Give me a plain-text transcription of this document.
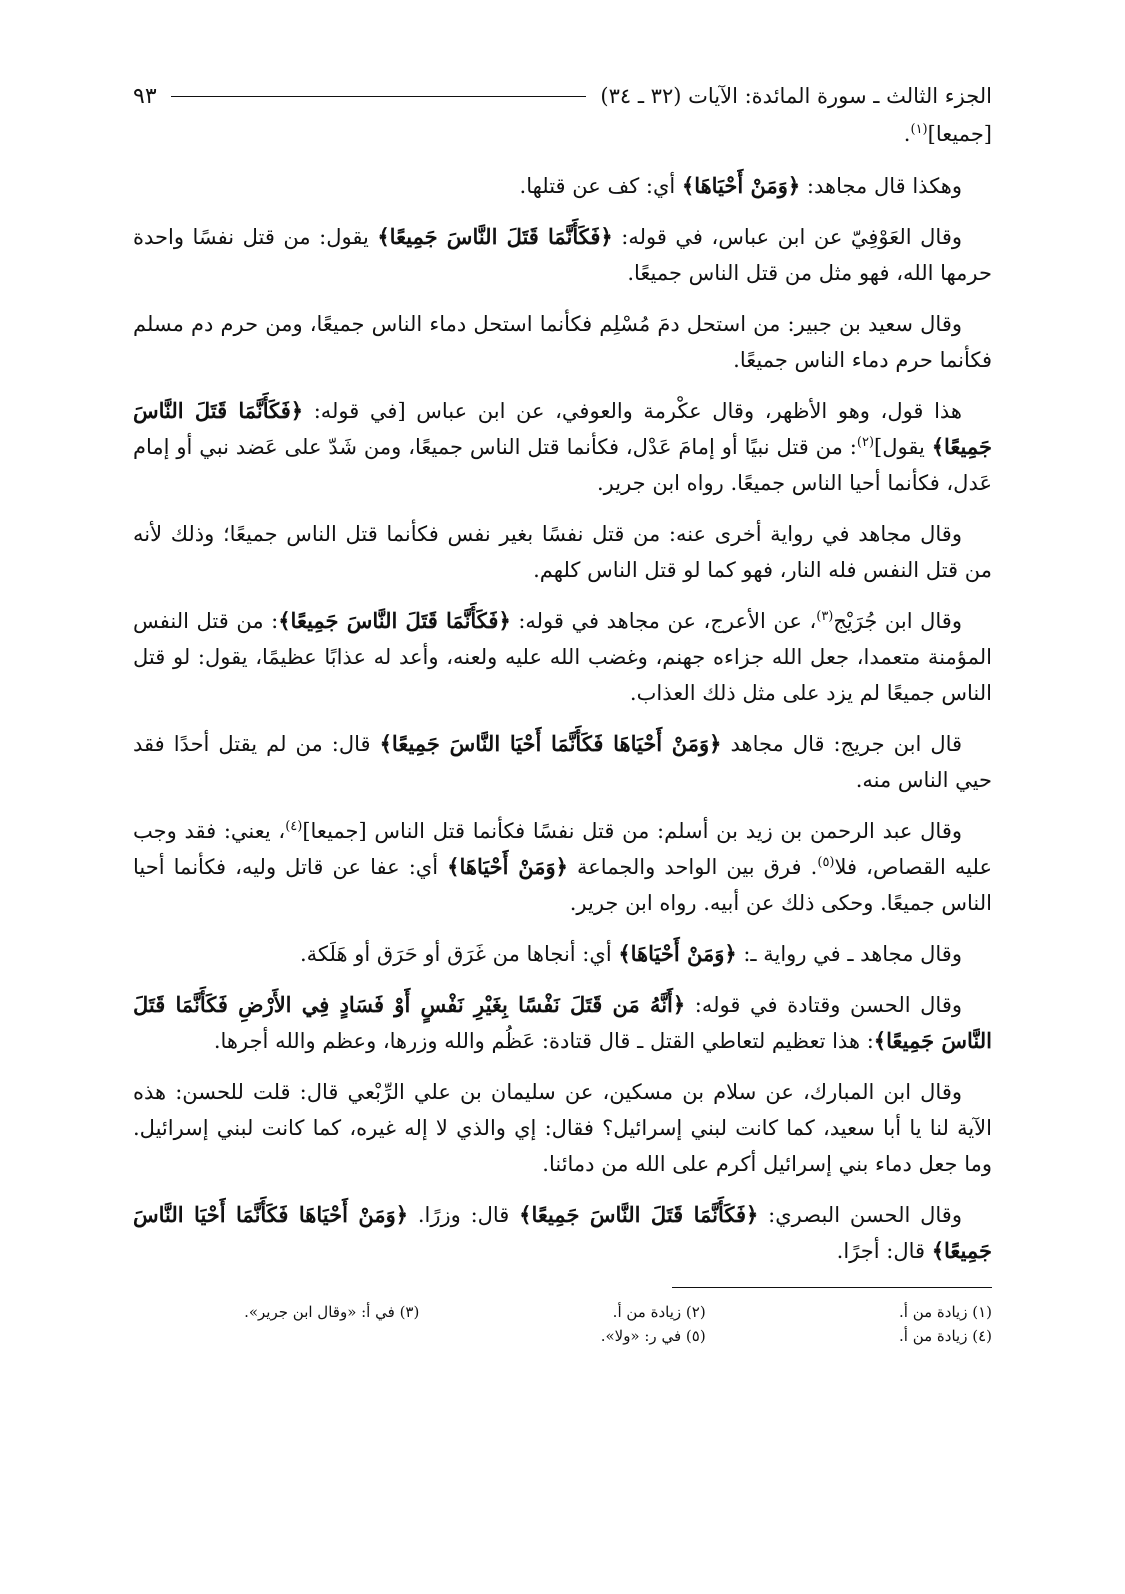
الجزء الثالث ـ سورة المائدة: الآيات (٣٢ ـ ٣٤)
٩٣
[جميعا]$^{(١)}$.
وهكذا قال مجاهد: ﴿وَمَنْ أَحْيَاهَا﴾ أي: كف عن قتلها.
وقال العَوْفِيّ عن ابن عباس، في قوله: ﴿فَكَأَنَّمَا قَتَلَ النَّاسَ جَمِيعًا﴾ يقول: من قتل نفسًا واحدة حرمها الله، فهو مثل من قتل الناس جميعًا.
وقال سعيد بن جبير: من استحل دمَ مُسْلِم فكأنما استحل دماء الناس جميعًا، ومن حرم دم مسلم فكأنما حرم دماء الناس جميعًا.
هذا قول، وهو الأظهر، وقال عكْرمة والعوفي، عن ابن عباس [في قوله: ﴿فَكَأَنَّمَا قَتَلَ النَّاسَ جَمِيعًا﴾ يقول]$^{(٢)}$: من قتل نبيًا أو إمامَ عَدْل، فكأنما قتل الناس جميعًا، ومن شَدّ على عَضد نبي أو إمام عَدل، فكأنما أحيا الناس جميعًا. رواه ابن جرير.
وقال مجاهد في رواية أخرى عنه: من قتل نفسًا بغير نفس فكأنما قتل الناس جميعًا؛ وذلك لأنه من قتل النفس فله النار، فهو كما لو قتل الناس كلهم.
وقال ابن جُرَيْج$^{(٣)}$، عن الأعرج، عن مجاهد في قوله: ﴿فَكَأَنَّمَا قَتَلَ النَّاسَ جَمِيعًا﴾: من قتل النفس المؤمنة متعمدا، جعل الله جزاءه جهنم، وغضب الله عليه ولعنه، وأعد له عذابًا عظيمًا، يقول: لو قتل الناس جميعًا لم يزد على مثل ذلك العذاب.
قال ابن جريج: قال مجاهد ﴿وَمَنْ أَحْيَاهَا فَكَأَنَّمَا أَحْيَا النَّاسَ جَمِيعًا﴾ قال: من لم يقتل أحدًا فقد حيي الناس منه.
وقال عبد الرحمن بن زيد بن أسلم: من قتل نفسًا فكأنما قتل الناس [جميعا]$^{(٤)}$، يعني: فقد وجب عليه القصاص، فلا$^{(٥)}$. فرق بين الواحد والجماعة ﴿وَمَنْ أَحْيَاهَا﴾ أي: عفا عن قاتل وليه، فكأنما أحيا الناس جميعًا. وحكى ذلك عن أبيه. رواه ابن جرير.
وقال مجاهد ـ في رواية ـ: ﴿وَمَنْ أَحْيَاهَا﴾ أي: أنجاها من غَرَق أو حَرَق أو هَلَكة.
وقال الحسن وقتادة في قوله: ﴿أَنَّهُ مَن قَتَلَ نَفْسًا بِغَيْرِ نَفْسٍ أَوْ فَسَادٍ فِي الأَرْضِ فَكَأَنَّمَا قَتَلَ النَّاسَ جَمِيعًا﴾: هذا تعظيم لتعاطي القتل ـ قال قتادة: عَظُم والله وزرها، وعظم والله أجرها.
وقال ابن المبارك، عن سلام بن مسكين، عن سليمان بن علي الرِّبْعي قال: قلت للحسن: هذه الآية لنا يا أبا سعيد، كما كانت لبني إسرائيل؟ فقال: إي والذي لا إله غيره، كما كانت لبني إسرائيل. وما جعل دماء بني إسرائيل أكرم على الله من دمائنا.
وقال الحسن البصري: ﴿فَكَأَنَّمَا قَتَلَ النَّاسَ جَمِيعًا﴾ قال: وزرًا. ﴿وَمَنْ أَحْيَاهَا فَكَأَنَّمَا أَحْيَا النَّاسَ جَمِيعًا﴾ قال: أجرًا.
(١) زيادة من أ.
(٢) زيادة من أ.
(٣) في أ: «وقال ابن جرير».
(٤) زيادة من أ.
(٥) في ر: «ولا».
